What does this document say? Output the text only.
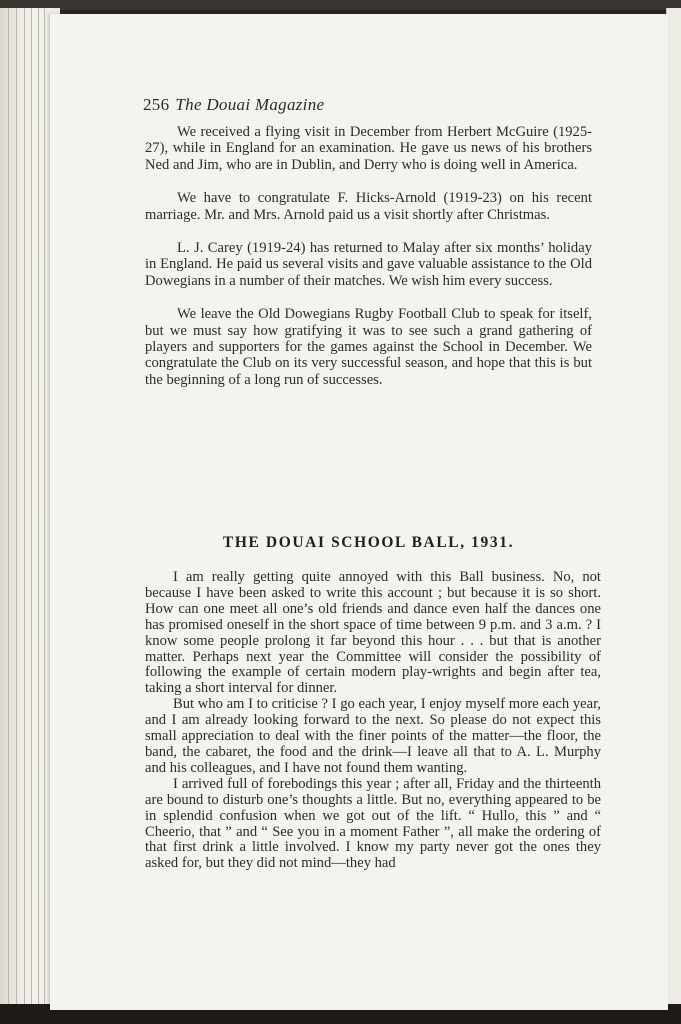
256 The Douai Magazine

We received a flying visit in December from Herbert McGuire (1925-27), while in England for an examination. He gave us news of his brothers Ned and Jim, who are in Dublin, and Derry who is doing well in America.

We have to congratulate F. Hicks-Arnold (1919-23) on his recent marriage. Mr. and Mrs. Arnold paid us a visit shortly after Christmas.

L. J. Carey (1919-24) has returned to Malay after six months’ holiday in England. He paid us several visits and gave valuable assistance to the Old Dowegians in a number of their matches. We wish him every success.

We leave the Old Dowegians Rugby Football Club to speak for itself, but we must say how gratifying it was to see such a grand gathering of players and supporters for the games against the School in December. We congratulate the Club on its very successful season, and hope that this is but the beginning of a long run of successes.

THE DOUAI SCHOOL BALL, 1931.

I am really getting quite annoyed with this Ball business. No, not because I have been asked to write this account ; but because it is so short. How can one meet all one’s old friends and dance even half the dances one has promised oneself in the short space of time between 9 p.m. and 3 a.m. ? I know some people prolong it far beyond this hour . . . but that is another matter. Perhaps next year the Committee will consider the possibility of following the example of certain modern play-wrights and begin after tea, taking a short interval for dinner.

But who am I to criticise ? I go each year, I enjoy myself more each year, and I am already looking forward to the next. So please do not expect this small appreciation to deal with the finer points of the matter—the floor, the band, the cabaret, the food and the drink—I leave all that to A. L. Murphy and his colleagues, and I have not found them wanting.

I arrived full of forebodings this year ; after all, Friday and the thirteenth are bound to disturb one’s thoughts a little. But no, everything appeared to be in splendid confusion when we got out of the lift. “ Hullo, this ” and “ Cheerio, that ” and “ See you in a moment Father ”, all make the ordering of that first drink a little involved. I know my party never got the ones they asked for, but they did not mind—they had
